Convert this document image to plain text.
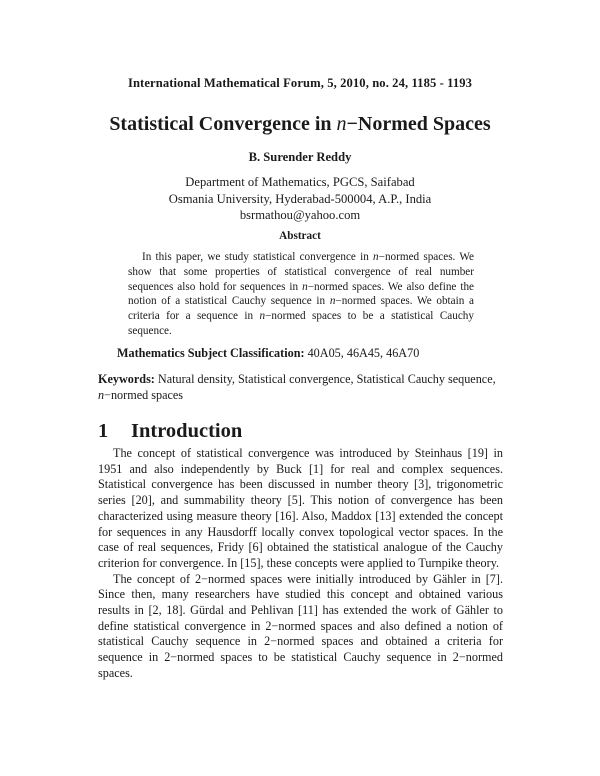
International Mathematical Forum, 5, 2010, no. 24, 1185 - 1193
Statistical Convergence in n−Normed Spaces
B. Surender Reddy
Department of Mathematics, PGCS, Saifabad
Osmania University, Hyderabad-500004, A.P., India
bsrmathou@yahoo.com
Abstract

In this paper, we study statistical convergence in n−normed spaces. We show that some properties of statistical convergence of real number sequences also hold for sequences in n−normed spaces. We also define the notion of a statistical Cauchy sequence in n−normed spaces. We obtain a criteria for a sequence in n−normed spaces to be a statistical Cauchy sequence.

Mathematics Subject Classification: 40A05, 46A45, 46A70
Keywords: Natural density, Statistical convergence, Statistical Cauchy sequence, n−normed spaces
1 Introduction

The concept of statistical convergence was introduced by Steinhaus [19] in 1951 and also independently by Buck [1] for real and complex sequences. Statistical convergence has been discussed in number theory [3], trigonometric series [20], and summability theory [5]. This notion of convergence has been characterized using measure theory [16]. Also, Maddox [13] extended the concept for sequences in any Hausdorff locally convex topological vector spaces. In the case of real sequences, Fridy [6] obtained the statistical analogue of the Cauchy criterion for convergence. In [15], these concepts were applied to Turnpike theory.

The concept of 2−normed spaces were initially introduced by Gähler in [7]. Since then, many researchers have studied this concept and obtained various results in [2, 18]. Gürdal and Pehlivan [11] has extended the work of Gähler to define statistical convergence in 2−normed spaces and also defined a notion of statistical Cauchy sequence in 2−normed spaces and obtained a criteria for sequence in 2−normed spaces to be statistical Cauchy sequence in 2−normed spaces.
